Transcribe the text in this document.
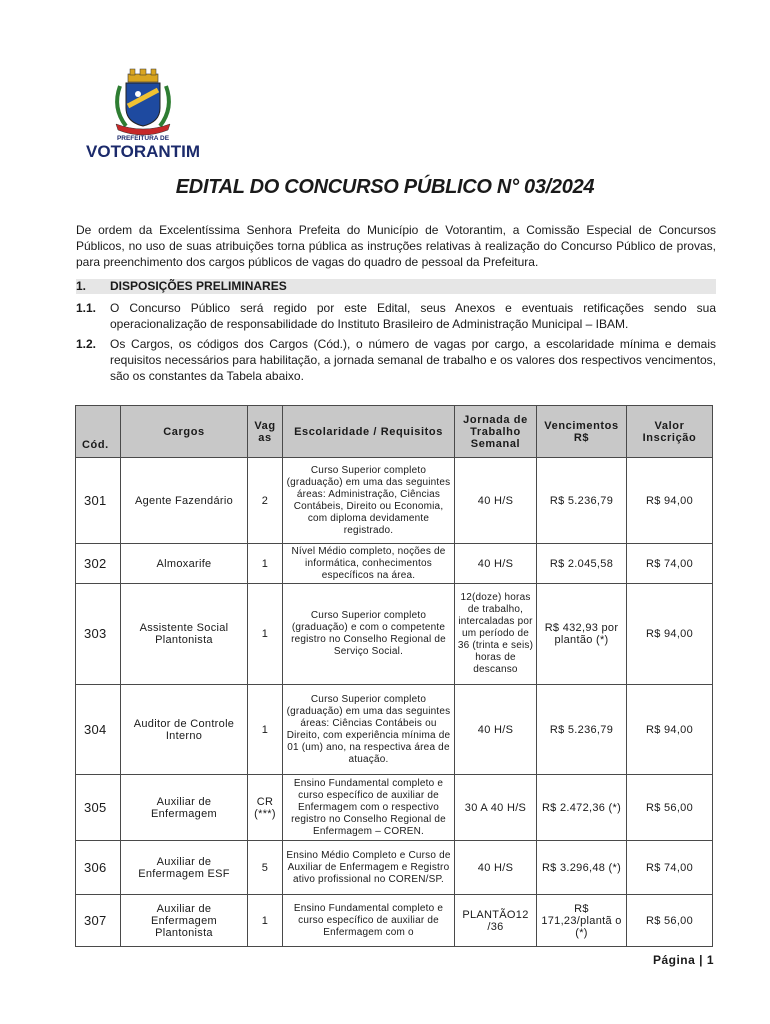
PREFEITURA DE
VOTORANTIM
EDITAL DO CONCURSO PÚBLICO N° 03/2024
De ordem da Excelentíssima Senhora Prefeita do Município de Votorantim, a Comissão Especial de Concursos Públicos, no uso de suas atribuições torna pública as instruções relativas à realização do Concurso Público de provas, para preenchimento dos cargos públicos de vagas do quadro de pessoal da Prefeitura.
1. DISPOSIÇÕES PRELIMINARES
1.1. O Concurso Público será regido por este Edital, seus Anexos e eventuais retificações sendo sua operacionalização de responsabilidade do Instituto Brasileiro de Administração Municipal – IBAM.
1.2. Os Cargos, os códigos dos Cargos (Cód.), o número de vagas por cargo, a escolaridade mínima e demais requisitos necessários para habilitação, a jornada semanal de trabalho e os valores dos respectivos vencimentos, são os constantes da Tabela abaixo.
Cód.	Cargos	Vag as	Escolaridade / Requisitos	Jornada de Trabalho Semanal	Vencimentos R$	Valor Inscrição
301	Agente Fazendário	2	Curso Superior completo (graduação) em uma das seguintes áreas: Administração, Ciências Contábeis, Direito ou Economia, com diploma devidamente registrado.	40 H/S	R$ 5.236,79	R$ 94,00
302	Almoxarife	1	Nível Médio completo, noções de informática, conhecimentos específicos na área.	40 H/S	R$ 2.045,58	R$ 74,00
303	Assistente Social Plantonista	1	Curso Superior completo (graduação) e com o competente registro no Conselho Regional de Serviço Social.	12(doze) horas de trabalho, intercaladas por um período de 36 (trinta e seis) horas de descanso	R$ 432,93 por plantão (*)	R$ 94,00
304	Auditor de Controle Interno	1	Curso Superior completo (graduação) em uma das seguintes áreas: Ciências Contábeis ou Direito, com experiência mínima de 01 (um) ano, na respectiva área de atuação.	40 H/S	R$ 5.236,79	R$ 94,00
305	Auxiliar de Enfermagem	CR (***)	Ensino Fundamental completo e curso específico de auxiliar de Enfermagem com o respectivo registro no Conselho Regional de Enfermagem – COREN.	30 A 40 H/S	R$ 2.472,36 (*)	R$ 56,00
306	Auxiliar de Enfermagem ESF	5	Ensino Médio Completo e Curso de Auxiliar de Enfermagem e Registro ativo profissional no COREN/SP.	40 H/S	R$ 3.296,48 (*)	R$ 74,00
307	Auxiliar de Enfermagem Plantonista	1	Ensino Fundamental completo e curso específico de auxiliar de Enfermagem com o	PLANTÃO12 /36	R$ 171,23/plantã o (*)	R$ 56,00
Página | 1
